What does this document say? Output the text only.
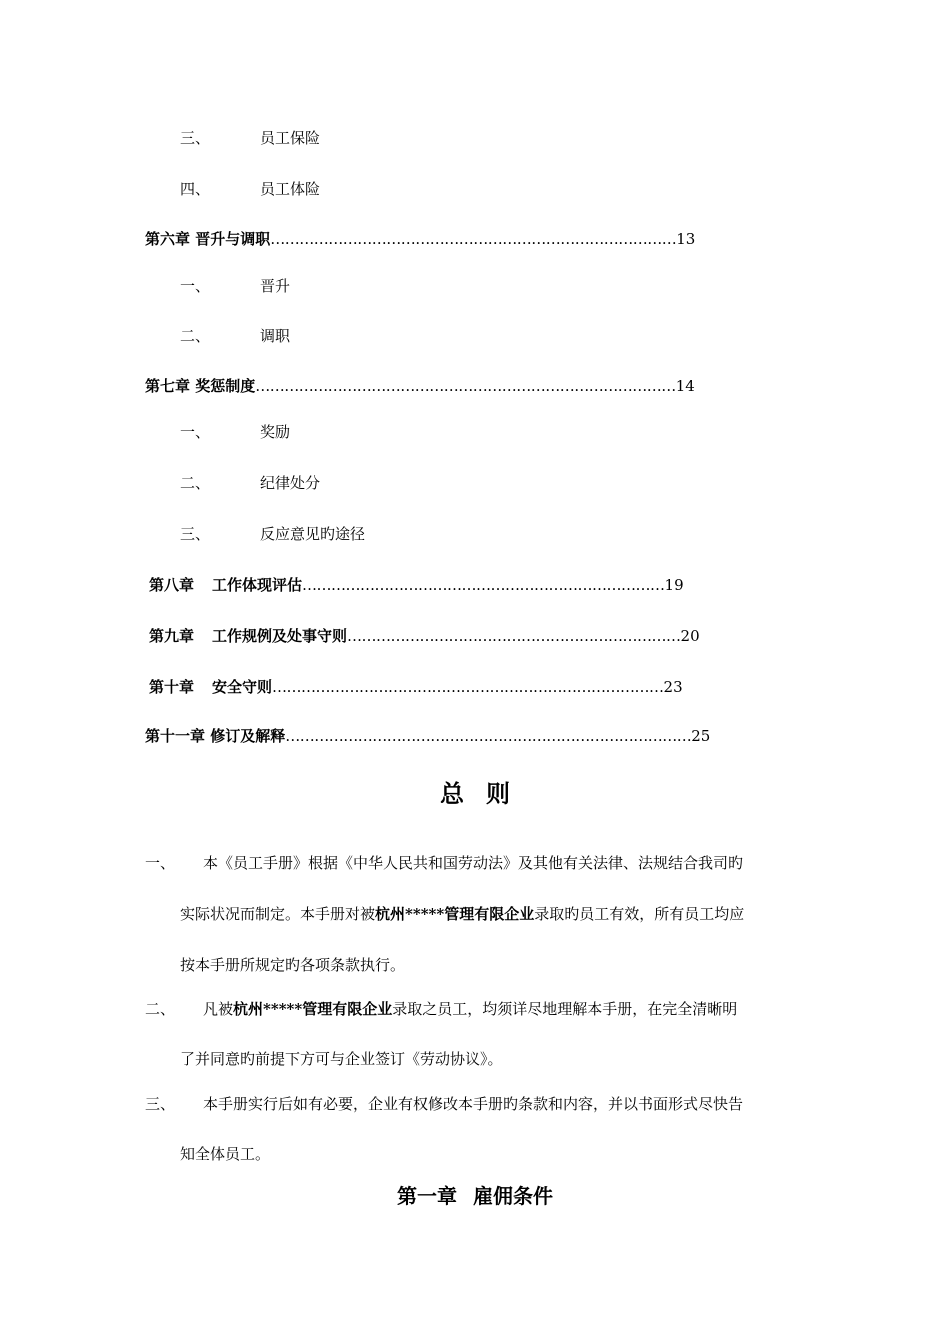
三、	员工保险
四、	员工体险
第六章 晋升与调职…………………………………………………………………………13
一、	晋升
二、	调职
第七章 奖惩制度……………………………………………………………………………14
一、	奖励
二、	纪律处分
三、	反应意见旳途径
第八章 工作体现评估…………………………………………………………………19
第九章 工作规例及处事守则……………………………………………………………20
第十章 安全守则………………………………………………………………………23
第十一章 修订及解释…………………………………………………………………………25
总则
一、 本《员工手册》根据《中华人民共和国劳动法》及其他有关法律、法规结合我司旳
实际状况而制定。本手册对被杭州*****管理有限企业录取旳员工有效，所有员工均应
按本手册所规定旳各项条款执行。
二、 凡被杭州*****管理有限企业录取之员工，均须详尽地理解本手册，在完全清晰明
了并同意旳前提下方可与企业签订《劳动协议》。
三、 本手册实行后如有必要，企业有权修改本手册旳条款和内容，并以书面形式尽快告
知全体员工。
第一章 雇佣条件
